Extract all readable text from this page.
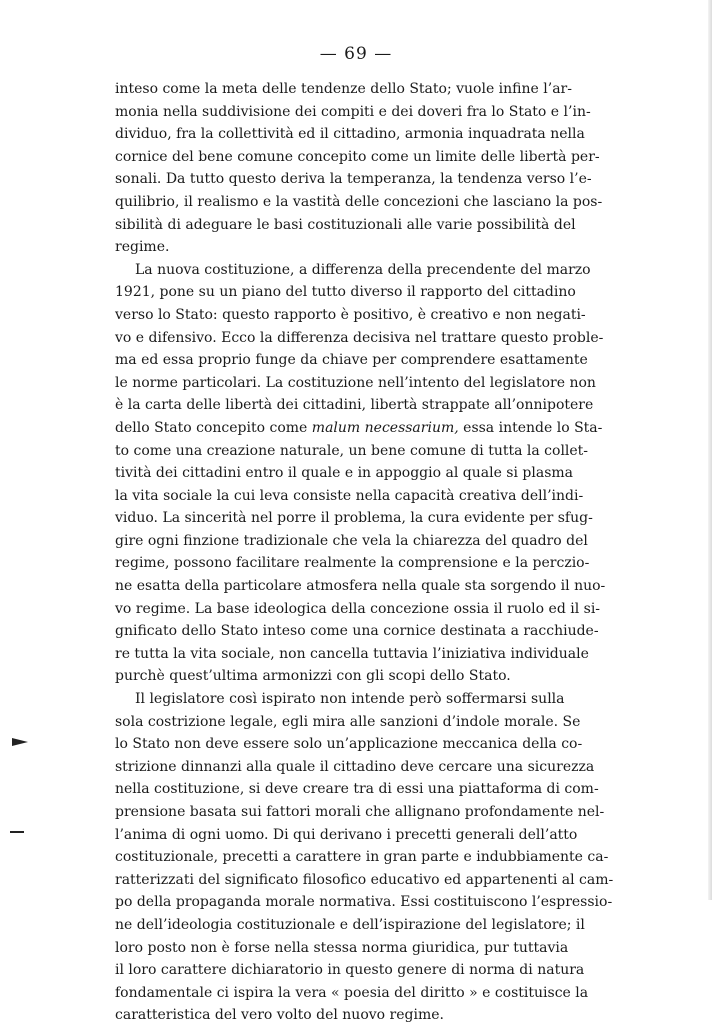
— 69 —
inteso come la meta delle tendenze dello Stato; vuole infine l’ar-
monia nella suddivisione dei compiti e dei doveri fra lo Stato e l’in-
dividuo, fra la collettività ed il cittadino, armonia inquadrata nella
cornice del bene comune concepito come un limite delle libertà per-
sonali. Da tutto questo deriva la temperanza, la tendenza verso l’e-
quilibrio, il realismo e la vastità delle concezioni che lasciano la pos-
sibilità di adeguare le basi costituzionali alle varie possibilità del
regime.
La nuova costituzione, a differenza della precendente del marzo
1921, pone su un piano del tutto diverso il rapporto del cittadino
verso lo Stato: questo rapporto è positivo, è creativo e non negati-
vo e difensivo. Ecco la differenza decisiva nel trattare questo proble-
ma ed essa proprio funge da chiave per comprendere esattamente
le norme particolari. La costituzione nell’intento del legislatore non
è la carta delle libertà dei cittadini, libertà strappate all’onnipotere
dello Stato concepito come malum necessarium, essa intende lo Sta-
to come una creazione naturale, un bene comune di tutta la collet-
tività dei cittadini entro il quale e in appoggio al quale si plasma
la vita sociale la cui leva consiste nella capacità creativa dell’indi-
viduo. La sincerità nel porre il problema, la cura evidente per sfug-
gire ogni finzione tradizionale che vela la chiarezza del quadro del
regime, possono facilitare realmente la comprensione e la perczio-
ne esatta della particolare atmosfera nella quale sta sorgendo il nuo-
vo regime. La base ideologica della concezione ossia il ruolo ed il si-
gnificato dello Stato inteso come una cornice destinata a racchiude-
re tutta la vita sociale, non cancella tuttavia l’iniziativa individuale
purchè quest’ultima armonizzi con gli scopi dello Stato.
Il legislatore così ispirato non intende però soffermarsi sulla
sola costrizione legale, egli mira alle sanzioni d’indole morale. Se
lo Stato non deve essere solo un’applicazione meccanica della co-
strizione dinnanzi alla quale il cittadino deve cercare una sicurezza
nella costituzione, si deve creare tra di essi una piattaforma di com-
prensione basata sui fattori morali che allignano profondamente nel-
l’anima di ogni uomo. Di qui derivano i precetti generali dell’atto
costituzionale, precetti a carattere in gran parte e indubbiamente ca-
ratterizzati del significato filosofico educativo ed appartenenti al cam-
po della propaganda morale normativa. Essi costituiscono l’espressio-
ne dell’ideologia costituzionale e dell’ispirazione del legislatore; il
loro posto non è forse nella stessa norma giuridica, pur tuttavia
il loro carattere dichiaratorio in questo genere di norma di natura
fondamentale ci ispira la vera « poesia del diritto » e costituisce la
caratteristica del vero volto del nuovo regime.
